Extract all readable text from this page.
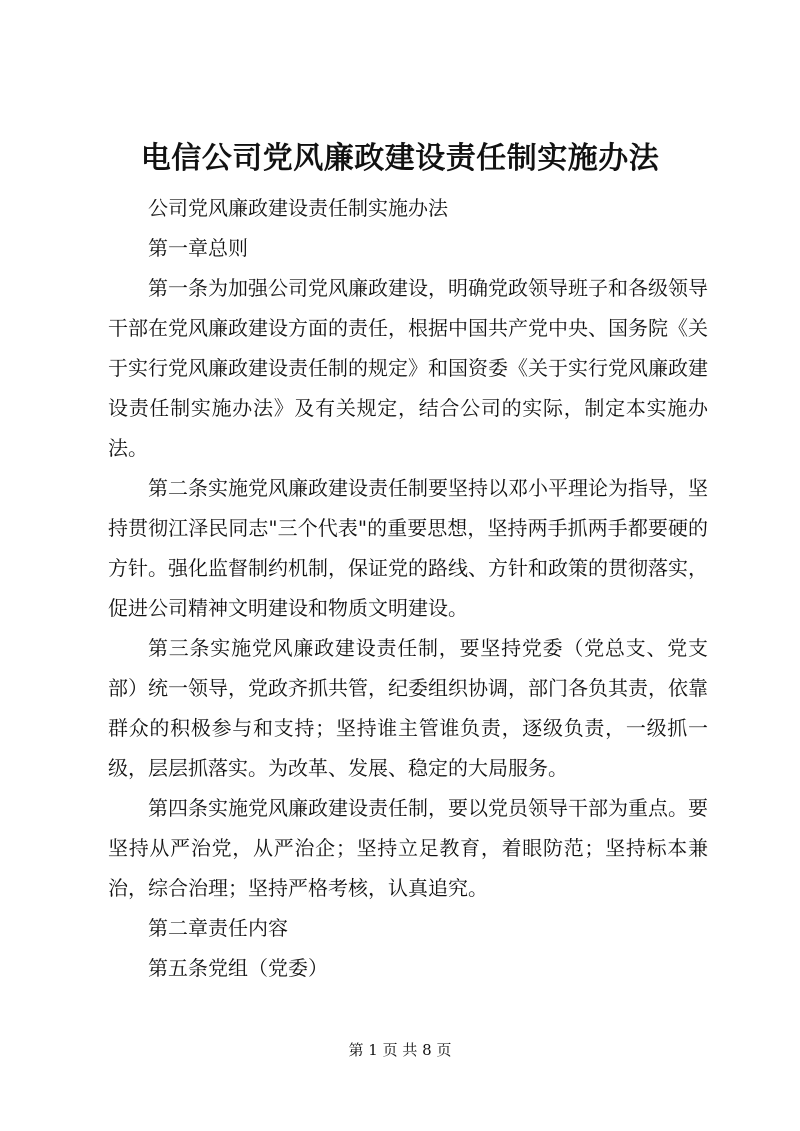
电信公司党风廉政建设责任制实施办法

公司党风廉政建设责任制实施办法

第一章总则

第一条为加强公司党风廉政建设，明确党政领导班子和各级领导干部在党风廉政建设方面的责任，根据中国共产党中央、国务院《关于实行党风廉政建设责任制的规定》和国资委《关于实行党风廉政建设责任制实施办法》及有关规定，结合公司的实际，制定本实施办法。

第二条实施党风廉政建设责任制要坚持以邓小平理论为指导，坚持贯彻江泽民同志"三个代表"的重要思想，坚持两手抓两手都要硬的方针。强化监督制约机制，保证党的路线、方针和政策的贯彻落实，促进公司精神文明建设和物质文明建设。

第三条实施党风廉政建设责任制，要坚持党委（党总支、党支部）统一领导，党政齐抓共管，纪委组织协调，部门各负其责，依靠群众的积极参与和支持；坚持谁主管谁负责，逐级负责，一级抓一级，层层抓落实。为改革、发展、稳定的大局服务。

第四条实施党风廉政建设责任制，要以党员领导干部为重点。要坚持从严治党，从严治企；坚持立足教育，着眼防范；坚持标本兼治，综合治理；坚持严格考核，认真追究。

第二章责任内容

第五条党组（党委）

第 1 页 共 8 页
